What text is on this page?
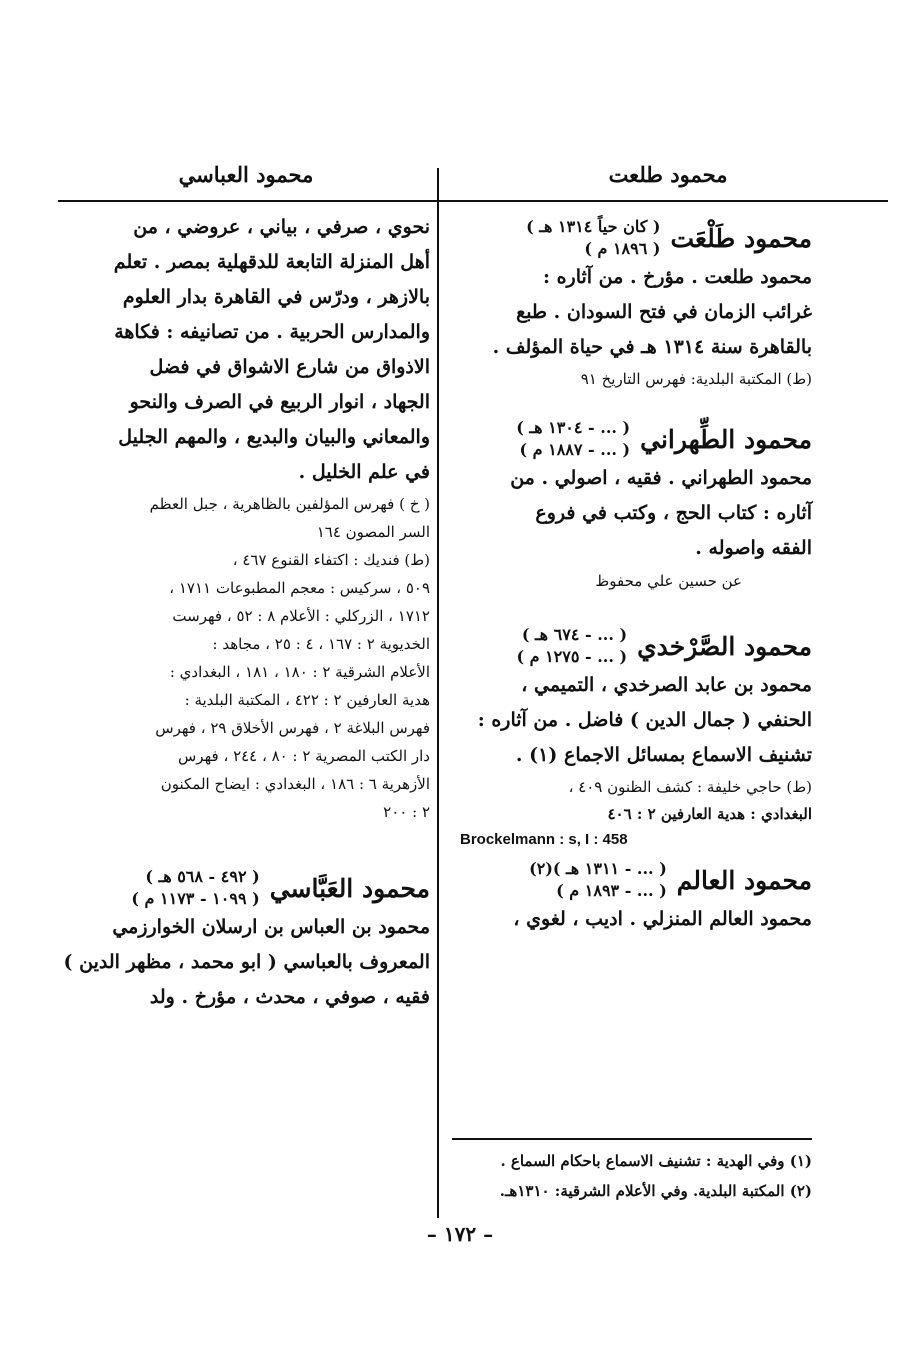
محمود طلعت
محمود العباسي
محمود طَلْعَت
( كان حياً ١٣١٤ هـ )
( ١٨٩٦ م )

محمود طلعت . مؤرخ . من آثاره :

غرائب الزمان في فتح السودان . طبع

بالقاهرة سنة ١٣١٤ هـ في حياة المؤلف .

(ط) المكتبة البلدية: فهرس التاريخ ٩١

محمود الطِّهراني
( ... - ١٣٠٤ هـ )
( ... - ١٨٨٧ م )

محمود الطهراني . فقيه ، اصولي . من

آثاره : كتاب الحج ، وكتب في فروع

الفقه واصوله .

عن حسين علي محفوظ
محمود الصَّرْخدي
( ... - ٦٧٤ هـ )
( ... - ١٢٧٥ م )

محمود بن عابد الصرخدي ، التميمي ،

الحنفي ( جمال الدين ) فاضل . من آثاره :

تشنيف الاسماع بمسائل الاجماع (١) .

(ط) حاجي خليفة : كشف الظنون ٤٠٩ ،

البغدادي : هدية العارفين ٢ : ٤٠٦

Brockelmann : s, I : 458
محمود العالم
( ... - ١٣١١ هـ )(٢)
( ... - ١٨٩٣ م )

محمود العالم المنزلي . اديب ، لغوي ،

(١) وفي الهدية : تشنيف الاسماع باحكام السماع .
(٢) المكتبة البلدية. وفي الأعلام الشرقية: ١٣١٠هـ.

نحوي ، صرفي ، بياني ، عروضي ، من

أهل المنزلة التابعة للدقهلية بمصر . تعلم

بالازهر ، ودرّس في القاهرة بدار العلوم

والمدارس الحربية . من تصانيفه : فكاهة

الاذواق من شارع الاشواق في فضل

الجهاد ، انوار الربيع في الصرف والنحو

والمعاني والبيان والبديع ، والمهم الجليل

في علم الخليل .

( خ ) فهرس المؤلفين بالظاهرية ، جبل العظم

السر المصون ١٦٤

(ط) فنديك : اكتفاء القنوع ٤٦٧ ،

٥٠٩ ، سركيس : معجم المطبوعات ١٧١١ ،

١٧١٢ ، الزركلي : الأعلام ٨ : ٥٢ ، فهرست

الخديوية ٢ : ١٦٧ ، ٤ : ٢٥ ، مجاهد :

الأعلام الشرقية ٢ : ١٨٠ ، ١٨١ ، البغدادي :

هدية العارفين ٢ : ٤٢٢ ، المكتبة البلدية :

فهرس البلاغة ٢ ، فهرس الأخلاق ٢٩ ، فهرس

دار الكتب المصرية ٢ : ٨٠ ، ٢٤٤ ، فهرس

الأزهرية ٦ : ١٨٦ ، البغدادي : ايضاح المكنون

٢ : ٢٠٠

محمود العَبَّاسي
( ٤٩٢ - ٥٦٨ هـ )
( ١٠٩٩ - ١١٧٣ م )

محمود بن العباس بن ارسلان الخوارزمي

المعروف بالعباسي ( ابو محمد ، مظهر الدين )

فقيه ، صوفي ، محدث ، مؤرخ . ولد

– ١٧٢ –
